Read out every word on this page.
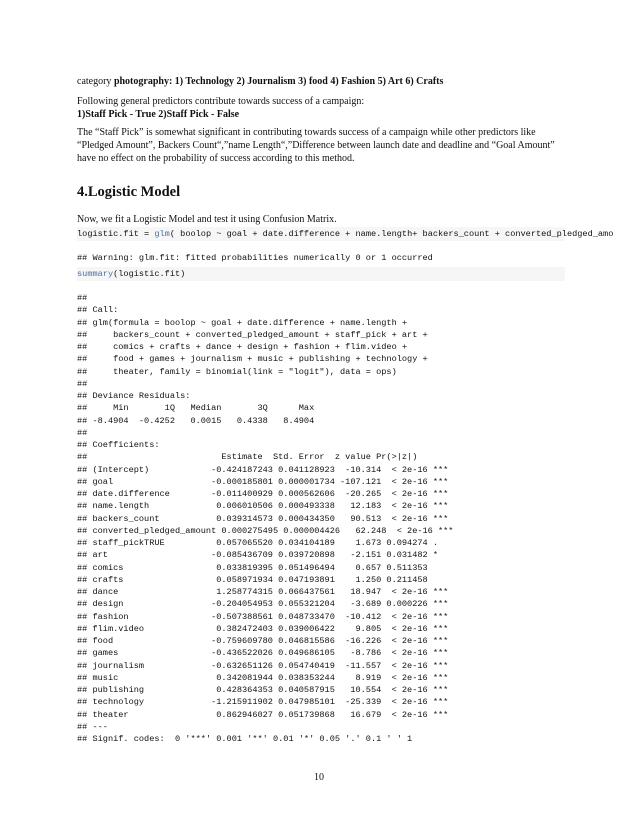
category photography: 1) Technology 2) Journalism 3) food 4) Fashion 5) Art 6) Crafts
Following general predictors contribute towards success of a campaign:
1)Staff Pick - True 2)Staff Pick - False
The “Staff Pick” is somewhat significant in contributing towards success of a campaign while other predictors like “Pledged Amount”, Backers Count“,”name Length“,”Difference between launch date and deadline and “Goal Amount” have no effect on the probability of success according to this method.
4.Logistic Model
Now, we fit a Logistic Model and test it using Confusion Matrix.
logistic.fit = glm( boolop ~ goal + date.difference + name.length+ backers_count + converted_pledged_amo
## Warning: glm.fit: fitted probabilities numerically 0 or 1 occurred
summary(logistic.fit)
##
## Call:
## glm(formula = boolop ~ goal + date.difference + name.length +
##     backers_count + converted_pledged_amount + staff_pick + art +
##     comics + crafts + dance + design + fashion + flim.video +
##     food + games + journalism + music + publishing + technology +
##     theater, family = binomial(link = "logit"), data = ops)
##
## Deviance Residuals:
##     Min       1Q   Median       3Q      Max
## -8.4904  -0.4252   0.0015   0.4338   8.4904
##
## Coefficients:
##                          Estimate  Std. Error  z value Pr(>|z|)
## (Intercept)            -0.424187243 0.041128923  -10.314  < 2e-16 ***
## goal                   -0.000185801 0.000001734 -107.121  < 2e-16 ***
## date.difference        -0.011400929 0.000562606  -20.265  < 2e-16 ***
## name.length             0.006010506 0.000493338   12.183  < 2e-16 ***
## backers_count           0.039314573 0.000434350   90.513  < 2e-16 ***
## converted_pledged_amount 0.000275495 0.000004426   62.248  < 2e-16 ***
## staff_pickTRUE          0.057065520 0.034104189    1.673 0.094274 .
## art                    -0.085436709 0.039720898   -2.151 0.031482 *
## comics                  0.033819395 0.051496494    0.657 0.511353
## crafts                  0.058971934 0.047193891    1.250 0.211458
## dance                   1.258774315 0.066437561   18.947  < 2e-16 ***
## design                 -0.204054953 0.055321204   -3.689 0.000226 ***
## fashion                -0.507388561 0.048733470  -10.412  < 2e-16 ***
## flim.video              0.382472403 0.039006422    9.805  < 2e-16 ***
## food                   -0.759609780 0.046815586  -16.226  < 2e-16 ***
## games                  -0.436522026 0.049686105   -8.786  < 2e-16 ***
## journalism             -0.632651126 0.054740419  -11.557  < 2e-16 ***
## music                   0.342081944 0.038353244    8.919  < 2e-16 ***
## publishing              0.428364353 0.040587915   10.554  < 2e-16 ***
## technology             -1.215911902 0.047985101  -25.339  < 2e-16 ***
## theater                 0.862946027 0.051739868   16.679  < 2e-16 ***
## ---
## Signif. codes:  0 '***' 0.001 '**' 0.01 '*' 0.05 '.' 0.1 ' ' 1
10
